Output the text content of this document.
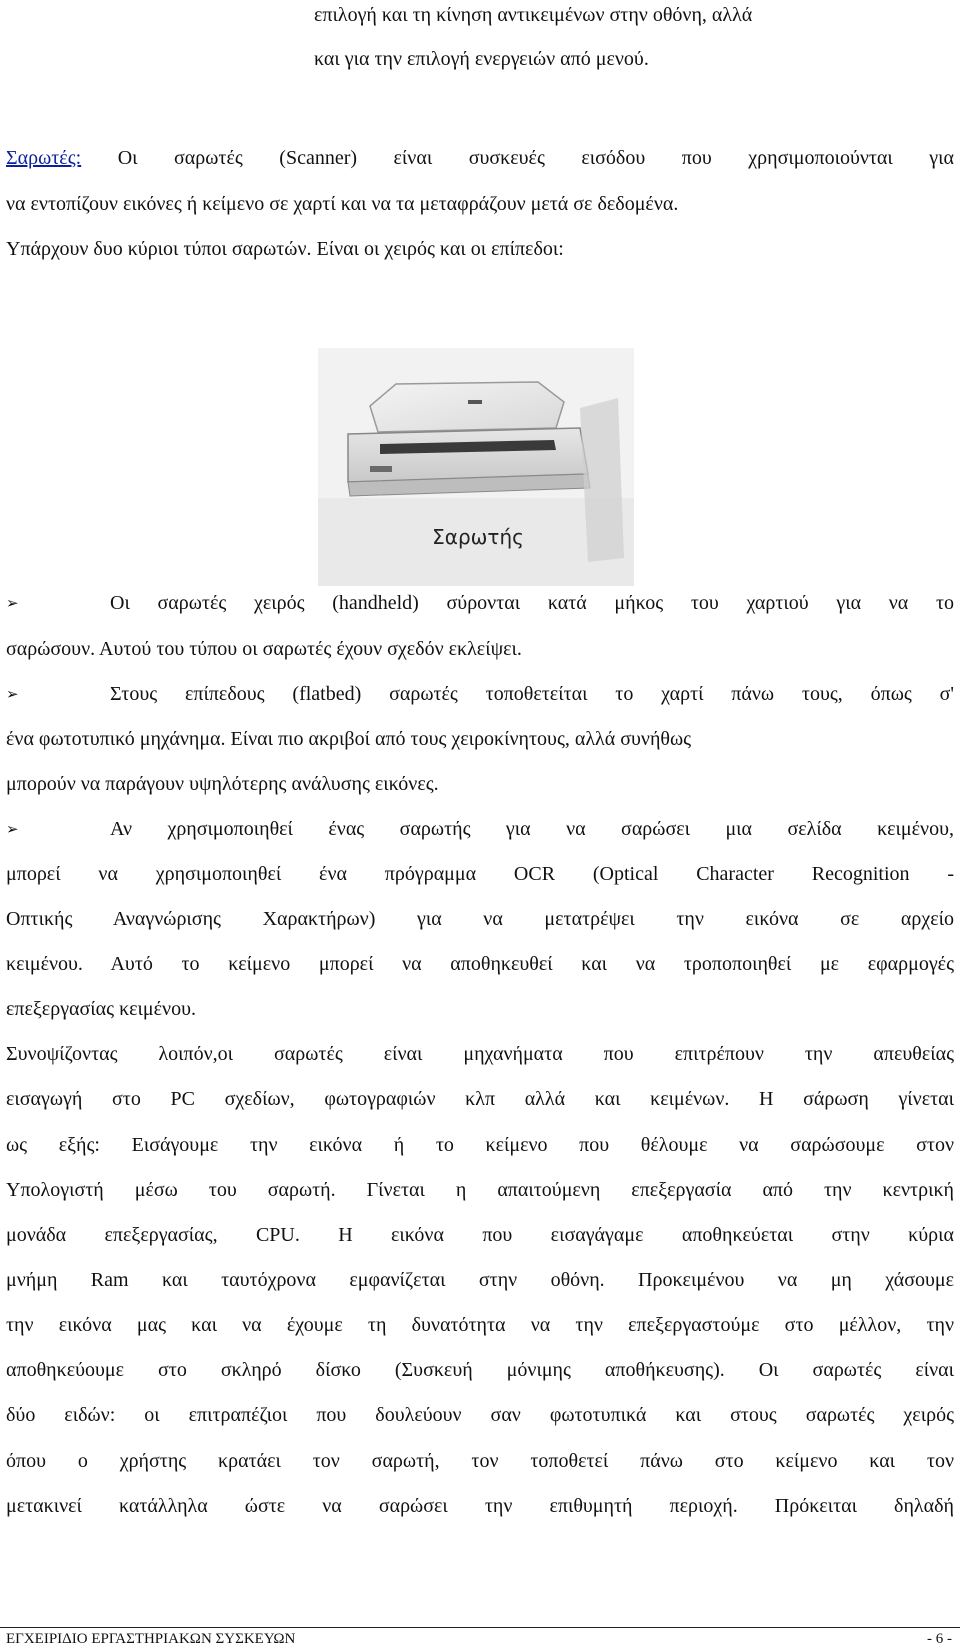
επιλογή και τη κίνηση αντικειμένων στην οθόνη, αλλά
και για την επιλογή ενεργειών από μενού.
Σαρωτές: Οι σαρωτές (Scanner) είναι συσκευές εισόδου που χρησιμοποιούνται για
να εντοπίζουν εικόνες ή κείμενο σε χαρτί και να τα μεταφράζουν μετά σε δεδομένα.
Υπάρχουν δυο κύριοι τύποι σαρωτών. Είναι οι χειρός και οι επίπεδοι:
Σαρωτής
➢	Οι σαρωτές χειρός (handheld) σύρονται κατά μήκος του χαρτιού για να το
σαρώσουν. Αυτού του τύπου οι σαρωτές έχουν σχεδόν εκλείψει.
➢	Στους επίπεδους (flatbed) σαρωτές τοποθετείται το χαρτί πάνω τους, όπως σ'
ένα φωτοτυπικό μηχάνημα. Είναι πιο ακριβοί από τους χειροκίνητους, αλλά συνήθως
μπορούν να παράγουν υψηλότερης ανάλυσης εικόνες.
➢	Αν χρησιμοποιηθεί ένας σαρωτής για να σαρώσει μια σελίδα κειμένου,
μπορεί να χρησιμοποιηθεί ένα πρόγραμμα OCR (Optical Character Recognition -
Οπτικής Αναγνώρισης Χαρακτήρων) για να μετατρέψει την εικόνα σε αρχείο
κειμένου. Αυτό το κείμενο μπορεί να αποθηκευθεί και να τροποποιηθεί με εφαρμογές
επεξεργασίας κειμένου.
Συνοψίζοντας λοιπόν,οι σαρωτές είναι μηχανήματα που επιτρέπουν την απευθείας
εισαγωγή στο PC σχεδίων, φωτογραφιών κλπ αλλά και κειμένων. Η σάρωση γίνεται
ως εξής: Εισάγουμε την εικόνα ή το κείμενο που θέλουμε να σαρώσουμε στον
Υπολογιστή μέσω του σαρωτή. Γίνεται η απαιτούμενη επεξεργασία από την κεντρική
μονάδα επεξεργασίας, CPU. Η εικόνα που εισαγάγαμε αποθηκεύεται στην κύρια
μνήμη Ram και ταυτόχρονα εμφανίζεται στην οθόνη. Προκειμένου να μη χάσουμε
την εικόνα μας και να έχουμε τη δυνατότητα να την επεξεργαστούμε στο μέλλον, την
αποθηκεύουμε στο σκληρό δίσκο (Συσκευή μόνιμης αποθήκευσης). Οι σαρωτές είναι
δύο ειδών: οι επιτραπέζιοι που δουλεύουν σαν φωτοτυπικά και στους σαρωτές χειρός
όπου ο χρήστης κρατάει τον σαρωτή, τον τοποθετεί πάνω στο κείμενο και τον
μετακινεί κατάλληλα ώστε να σαρώσει την επιθυμητή περιοχή. Πρόκειται δηλαδή
ΕΓΧΕΙΡΙΔΙΟ ΕΡΓΑΣΤΗΡΙΑΚΩΝ ΣΥΣΚΕΥΩΝ	- 6 -
